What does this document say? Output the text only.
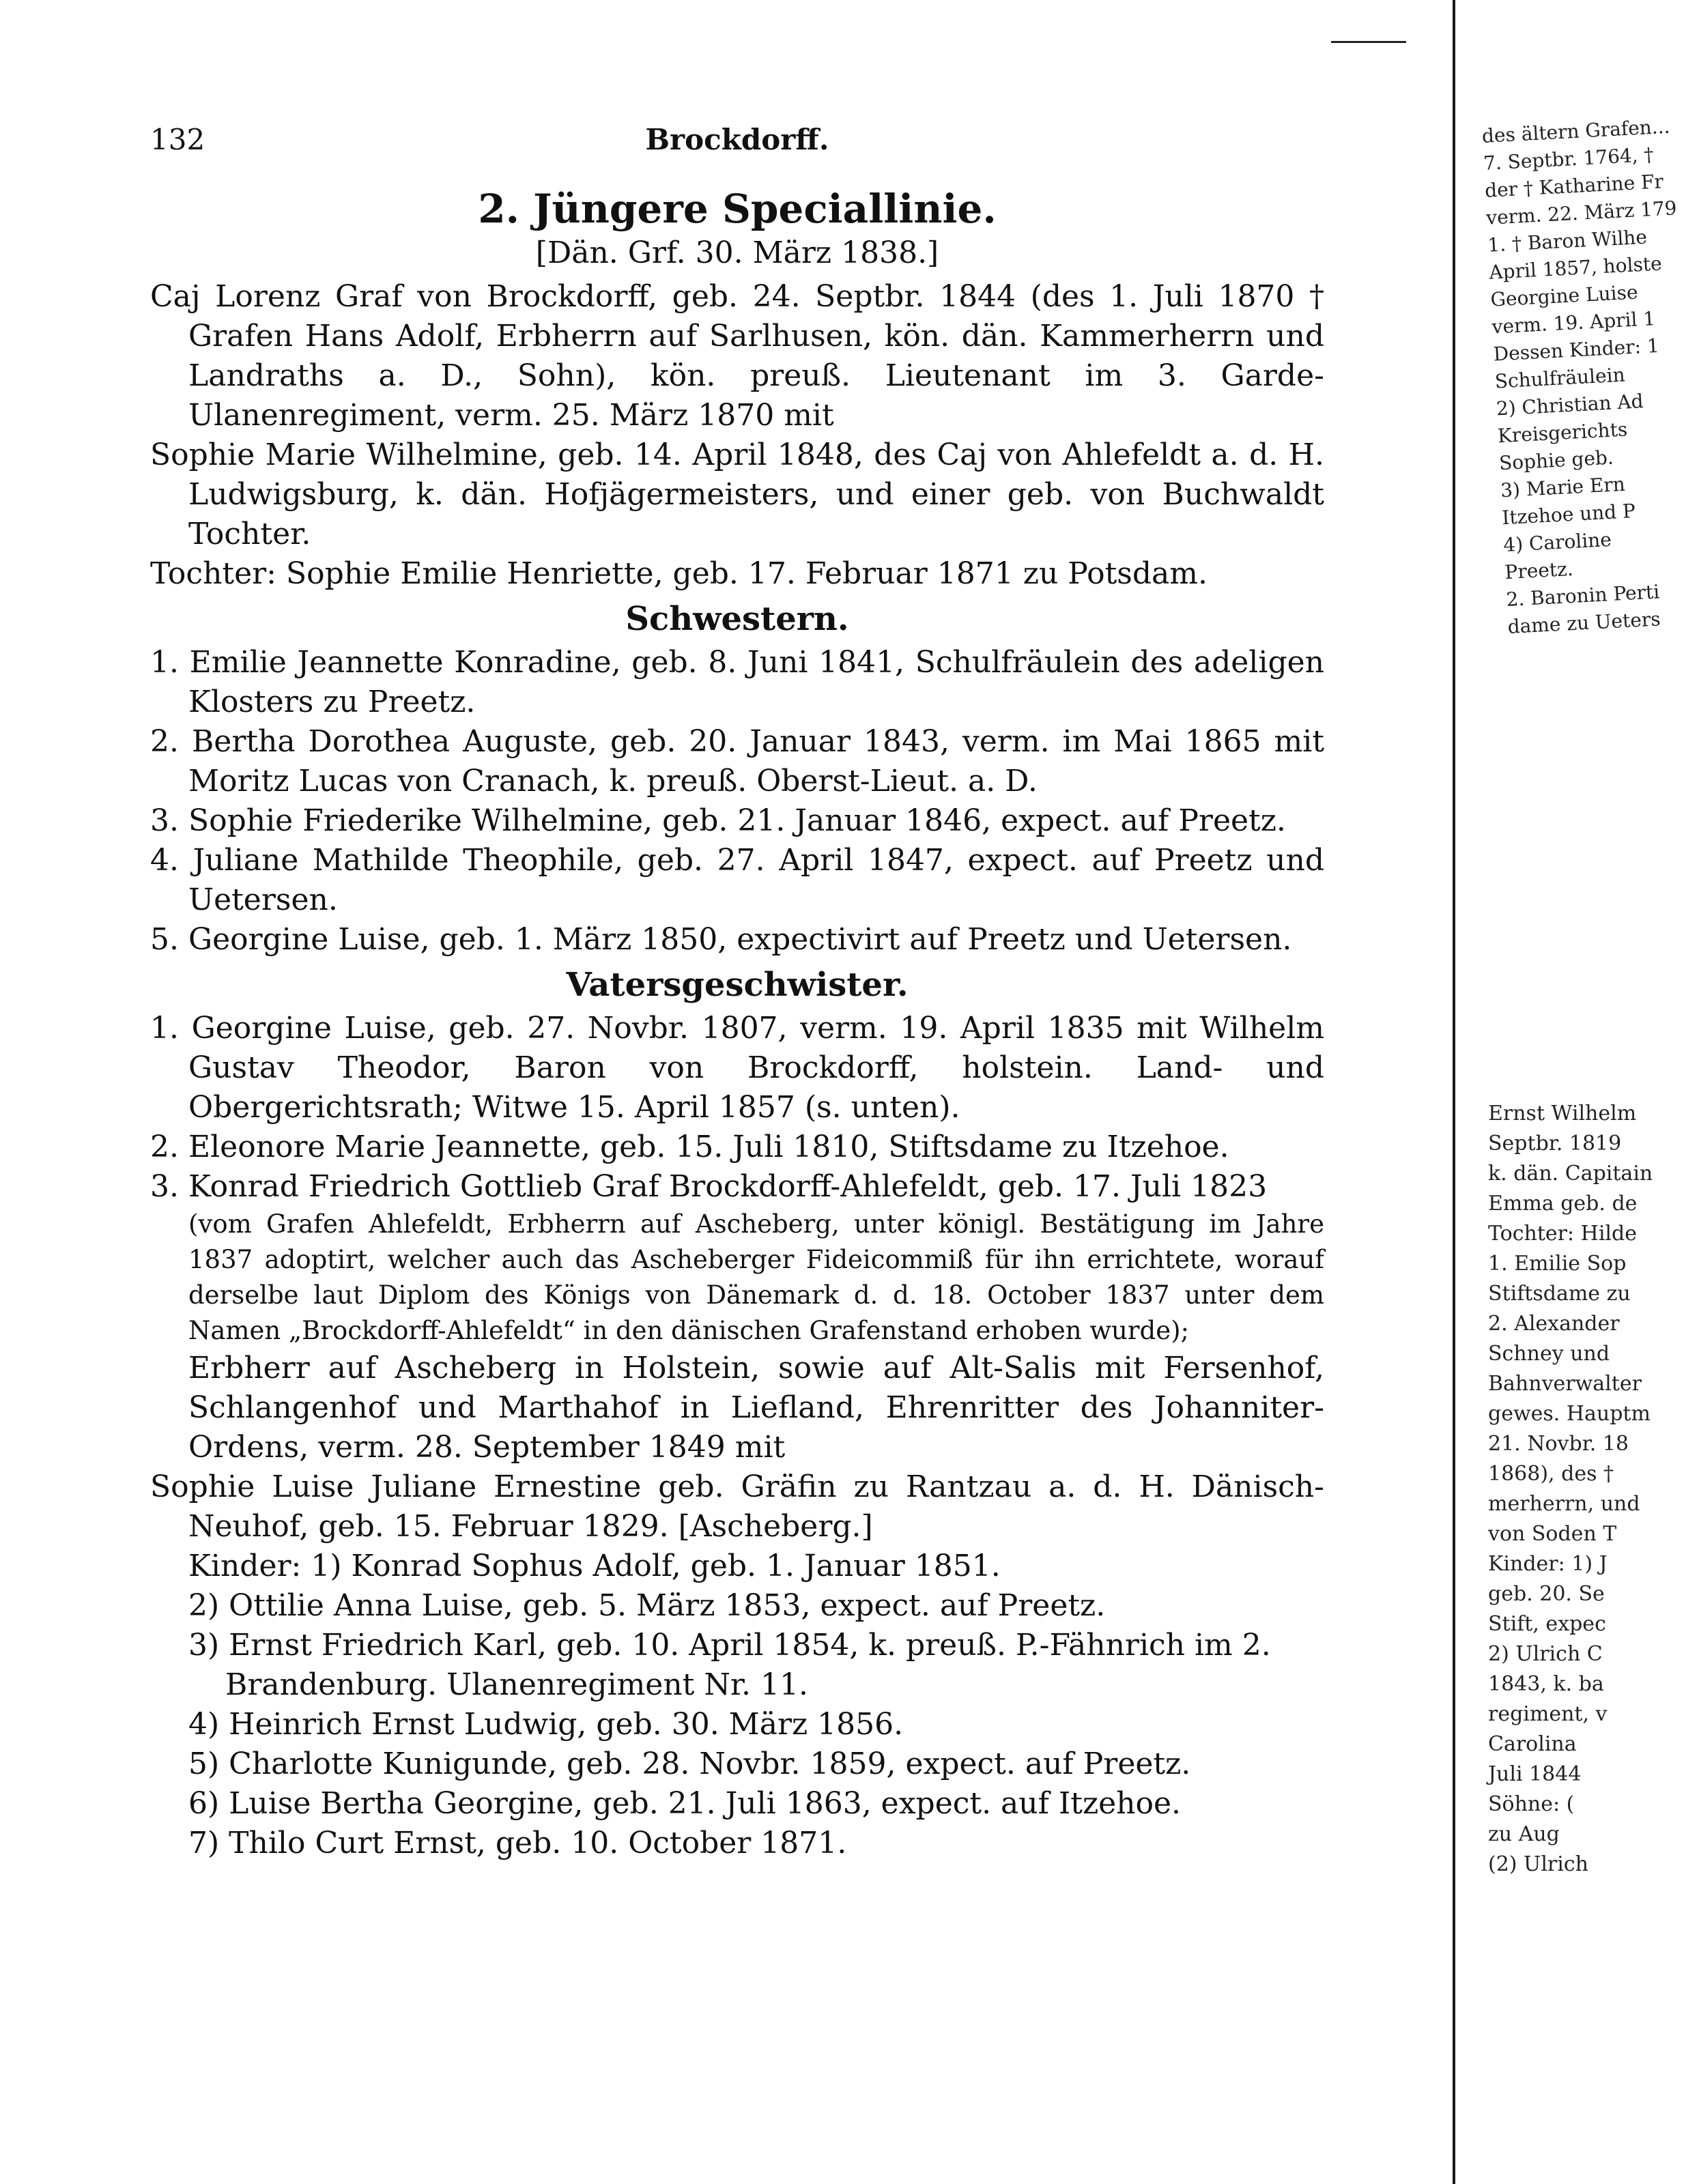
132	Brockdorff.

2. Jüngere Speciallinie.

[Dän. Grf. 30. März 1838.]

Caj Lorenz Graf von Brockdorff, geb. 24. Septbr. 1844 (des 1. Juli 1870 † Grafen Hans Adolf, Erbherrn auf Sarlhusen, kön. dän. Kammerherrn und Landraths a. D., Sohn), kön. preuß. Lieutenant im 3. Garde-Ulanenregiment, verm. 25. März 1870 mit

Sophie Marie Wilhelmine, geb. 14. April 1848, des Caj von Ahlefeldt a. d. H. Ludwigsburg, k. dän. Hofjägermeisters, und einer geb. von Buchwaldt Tochter.

Tochter: Sophie Emilie Henriette, geb. 17. Februar 1871 zu Potsdam.

Schwestern.

1. Emilie Jeannette Konradine, geb. 8. Juni 1841, Schulfräulein des adeligen Klosters zu Preetz.

2. Bertha Dorothea Auguste, geb. 20. Januar 1843, verm. im Mai 1865 mit Moritz Lucas von Cranach, k. preuß. Oberst-Lieut. a. D.

3. Sophie Friederike Wilhelmine, geb. 21. Januar 1846, expect. auf Preetz.

4. Juliane Mathilde Theophile, geb. 27. April 1847, expect. auf Preetz und Uetersen.

5. Georgine Luise, geb. 1. März 1850, expectivirt auf Preetz und Uetersen.

Vatersgeschwister.

1. Georgine Luise, geb. 27. Novbr. 1807, verm. 19. April 1835 mit Wilhelm Gustav Theodor, Baron von Brockdorff, holstein. Land- und Obergerichtsrath; Witwe 15. April 1857 (s. unten).

2. Eleonore Marie Jeannette, geb. 15. Juli 1810, Stiftsdame zu Itzehoe.

3. Konrad Friedrich Gottlieb Graf Brockdorff-Ahlefeldt, geb. 17. Juli 1823

(vom Grafen Ahlefeldt, Erbherrn auf Ascheberg, unter königl. Bestätigung im Jahre 1837 adoptirt, welcher auch das Ascheberger Fideicommiß für ihn errichtete, worauf derselbe laut Diplom des Königs von Dänemark d. d. 18. October 1837 unter dem Namen „Brockdorff-Ahlefeldt“ in den dänischen Grafenstand erhoben wurde);

Erbherr auf Ascheberg in Holstein, sowie auf Alt-Salis mit Fersenhof, Schlangenhof und Marthahof in Liefland, Ehrenritter des Johanniter-Ordens, verm. 28. September 1849 mit

Sophie Luise Juliane Ernestine geb. Gräfin zu Rantzau a. d. H. Dänisch-Neuhof, geb. 15. Februar 1829. [Ascheberg.]

Kinder: 1) Konrad Sophus Adolf, geb. 1. Januar 1851.

2) Ottilie Anna Luise, geb. 5. März 1853, expect. auf Preetz.

3) Ernst Friedrich Karl, geb. 10. April 1854, k. preuß. P.-Fähnrich im 2. Brandenburg. Ulanenregiment Nr. 11.

4) Heinrich Ernst Ludwig, geb. 30. März 1856.

5) Charlotte Kunigunde, geb. 28. Novbr. 1859, expect. auf Preetz.

6) Luise Bertha Georgine, geb. 21. Juli 1863, expect. auf Itzehoe.

7) Thilo Curt Ernst, geb. 10. October 1871.

des ältern Grafen...
7. Septbr. 1764, †
der † Katharine Fr
verm. 22. März 179
1. † Baron Wilhe
April 1857, holste
Georgine Luise
verm. 19. April 1
Dessen Kinder: 1
Schulfräulein
2) Christian Ad
Kreisgerichts
Sophie geb.
3) Marie Ern
Itzehoe und P
4) Caroline
Preetz.
2. Baronin Perti
dame zu Ueters
Ernst Wilhelm
Septbr. 1819
k. dän. Capitain
Emma geb. de
Tochter: Hilde
1. Emilie Sop
Stiftsdame zu
2. Alexander
Schney und
Bahnverwalter
gewes. Hauptm
21. Novbr. 18
1868), des †
merherrn, und
von Soden T
Kinder: 1) J
geb. 20. Se
Stift, expec
2) Ulrich C
1843, k. ba
regiment, v
Carolina
Juli 1844
Söhne: (
zu Aug
(2) Ulrich
